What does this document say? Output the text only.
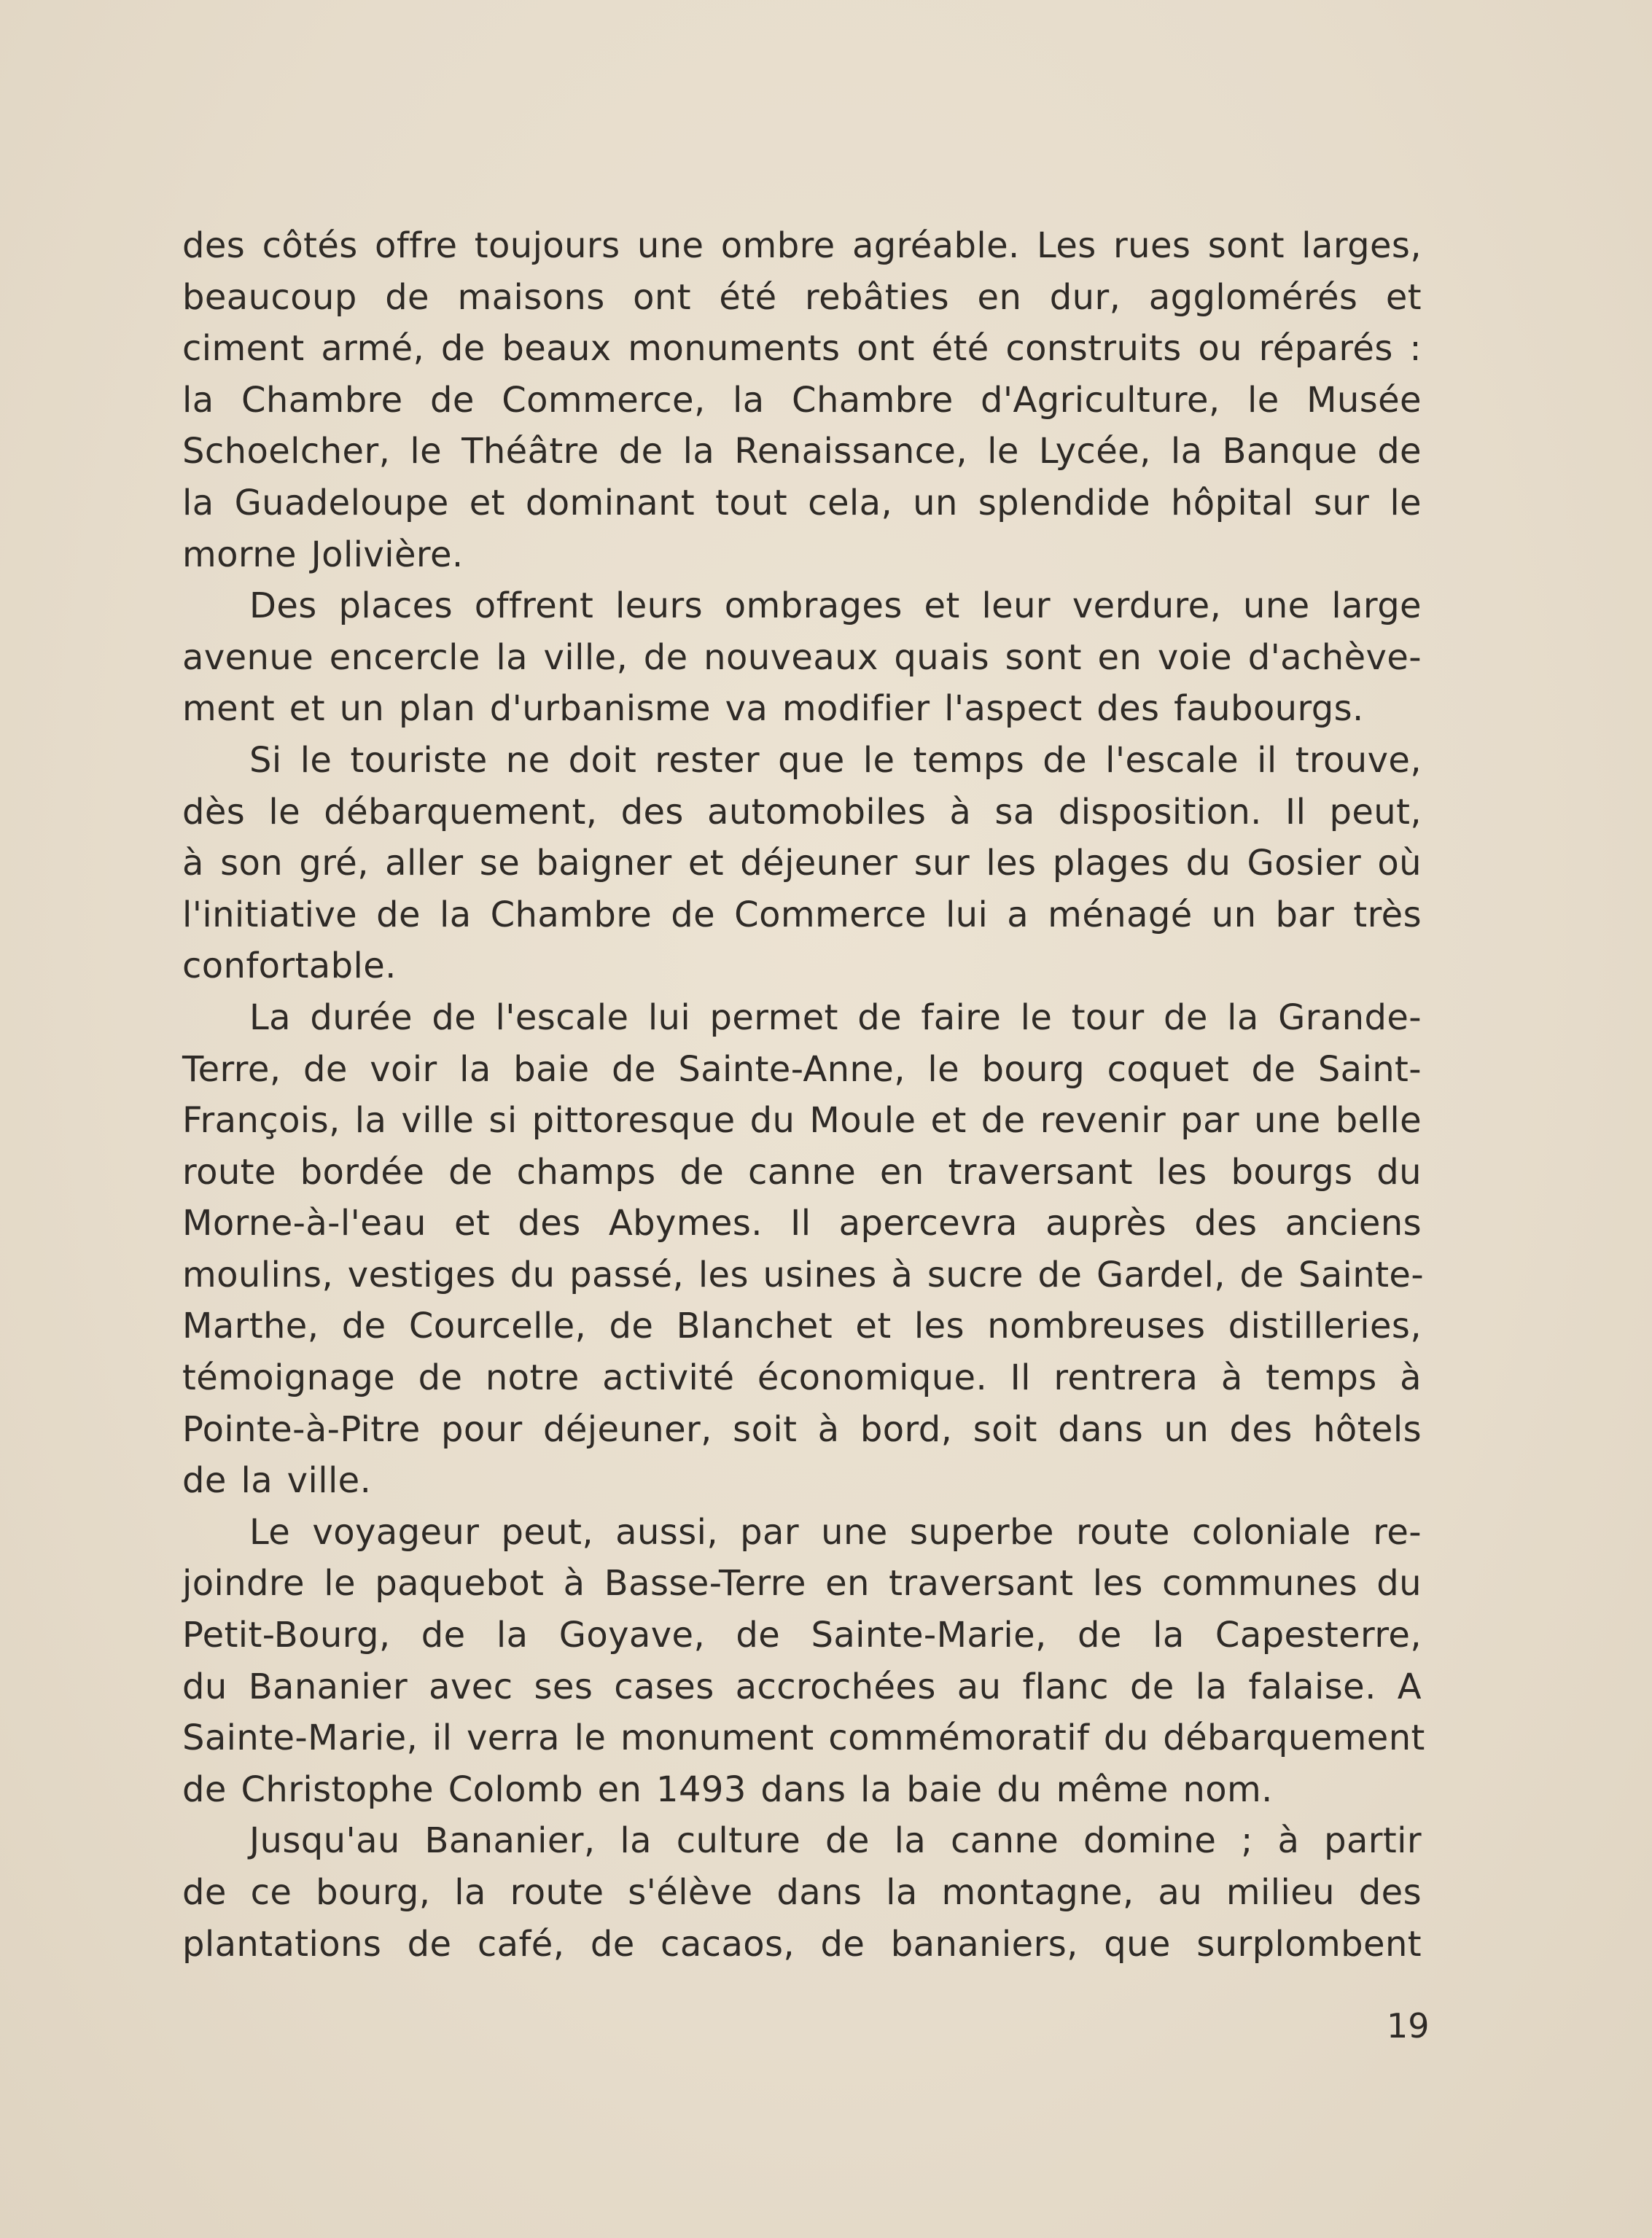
des côtés offre toujours une ombre agréable. Les rues sont larges,
beaucoup de maisons ont été rebâties en dur, agglomérés et
ciment armé, de beaux monuments ont été construits ou réparés :
la Chambre de Commerce, la Chambre d'Agriculture, le Musée
Schoelcher, le Théâtre de la Renaissance, le Lycée, la Banque de
la Guadeloupe et dominant tout cela, un splendide hôpital sur le
morne Jolivière.
Des places offrent leurs ombrages et leur verdure, une large
avenue encercle la ville, de nouveaux quais sont en voie d'achève-
ment et un plan d'urbanisme va modifier l'aspect des faubourgs.
Si le touriste ne doit rester que le temps de l'escale il trouve,
dès le débarquement, des automobiles à sa disposition. Il peut,
à son gré, aller se baigner et déjeuner sur les plages du Gosier où
l'initiative de la Chambre de Commerce lui a ménagé un bar très
confortable.
La durée de l'escale lui permet de faire le tour de la Grande-
Terre, de voir la baie de Sainte-Anne, le bourg coquet de Saint-
François, la ville si pittoresque du Moule et de revenir par une belle
route bordée de champs de canne en traversant les bourgs du
Morne-à-l'eau et des Abymes. Il apercevra auprès des anciens
moulins, vestiges du passé, les usines à sucre de Gardel, de Sainte-
Marthe, de Courcelle, de Blanchet et les nombreuses distilleries,
témoignage de notre activité économique. Il rentrera à temps à
Pointe-à-Pitre pour déjeuner, soit à bord, soit dans un des hôtels
de la ville.
Le voyageur peut, aussi, par une superbe route coloniale re-
joindre le paquebot à Basse-Terre en traversant les communes du
Petit-Bourg, de la Goyave, de Sainte-Marie, de la Capesterre,
du Bananier avec ses cases accrochées au flanc de la falaise. A
Sainte-Marie, il verra le monument commémoratif du débarquement
de Christophe Colomb en 1493 dans la baie du même nom.
Jusqu'au Bananier, la culture de la canne domine ; à partir
de ce bourg, la route s'élève dans la montagne, au milieu des
plantations de café, de cacaos, de bananiers, que surplombent
19
